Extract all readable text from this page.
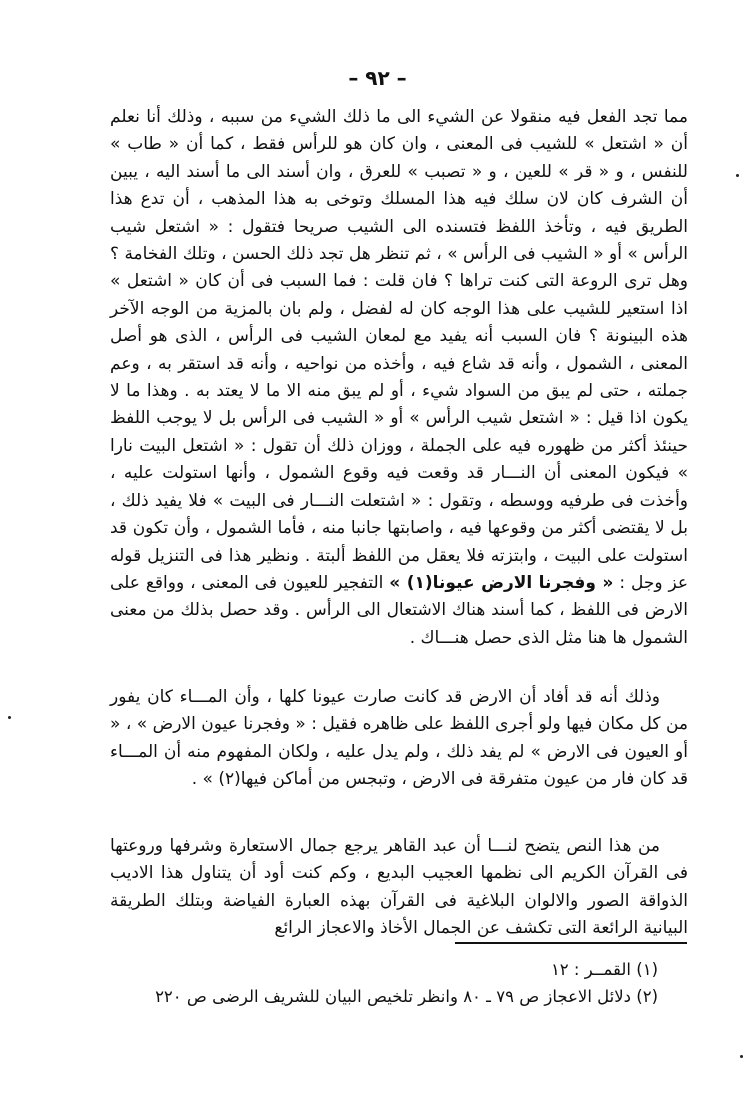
– ٩٢ –
مما تجد الفعل فيه منقولا عن الشيء الى ما ذلك الشيء من سببه ، وذلك أنا نعلم أن « اشتعل » للشيب فى المعنى ، وان كان هو للرأس فقط ، كما أن « طاب » للنفس ، و « قر » للعين ، و « تصبب » للعرق ، وان أسند الى ما أسند اليه ، يبين أن الشرف كان لان سلك فيه هذا المسلك وتوخى به هذا المذهب ، أن تدع هذا الطريق فيه ، وتأخذ اللفظ فتسنده الى الشيب صريحا فتقول : « اشتعل شيب الرأس » أو « الشيب فى الرأس » ، ثم تنظر هل تجد ذلك الحسن ، وتلك الفخامة ؟ وهل ترى الروعة التى كنت تراها ؟ فان قلت : فما السبب فى أن كان « اشتعل » اذا استعير للشيب على هذا الوجه كان له لفضل ، ولم بان بالمزية من الوجه الآخر هذه البينونة ؟ فان السبب أنه يفيد مع لمعان الشيب فى الرأس ، الذى هو أصل المعنى ، الشمول ، وأنه قد شاع فيه ، وأخذه من نواحيه ، وأنه قد استقر به ، وعم جملته ، حتى لم يبق من السواد شيء ، أو لم يبق منه الا ما لا يعتد به . وهذا ما لا يكون اذا قيل : « اشتعل شيب الرأس » أو « الشيب فى الرأس بل لا يوجب اللفظ حينئذ أكثر من ظهوره فيه على الجملة ، ووزان ذلك أن تقول : « اشتعل البيت نارا » فيكون المعنى أن النـــار قد وقعت فيه وقوع الشمول ، وأنها استولت عليه ، وأخذت فى طرفيه ووسطه ، وتقول : « اشتعلت النـــار فى البيت » فلا يفيد ذلك ، بل لا يقتضى أكثر من وقوعها فيه ، واصابتها جانبا منه ، فأما الشمول ، وأن تكون قد استولت على البيت ، وابتزته فلا يعقل من اللفظ ألبتة . ونظير هذا فى التنزيل قوله عز وجل : « وفجرنا الارض عيونا(١) » التفجير للعيون فى المعنى ، وواقع على الارض فى اللفظ ، كما أسند هناك الاشتعال الى الرأس . وقد حصل بذلك من معنى الشمول ها هنا مثل الذى حصل هنـــاك .
وذلك أنه قد أفاد أن الارض قد كانت صارت عيونا كلها ، وأن المـــاء كان يفور من كل مكان فيها ولو أجرى اللفظ على ظاهره فقيل : « وفجرنا عيون الارض » ، « أو العيون فى الارض » لم يفد ذلك ، ولم يدل عليه ، ولكان المفهوم منه أن المـــاء قد كان فار من عيون متفرقة فى الارض ، وتبجس من أماكن فيها(٢) » .
من هذا النص يتضح لنـــا أن عبد القاهر يرجع جمال الاستعارة وشرفها وروعتها فى القرآن الكريم الى نظمها العجيب البديع ، وكم كنت أود أن يتناول هذا الاديب الذواقة الصور والالوان البلاغية فى القرآن بهذه العبارة الفياضة وبتلك الطريقة البيانية الرائعة التى تكشف عن الجمال الأخاذ والاعجاز الرائع
(١) القمــر : ١٢
(٢) دلائل الاعجاز ص ٧٩ ـ ٨٠ وانظر تلخيص البيان للشريف الرضى ص ٢٢٠
